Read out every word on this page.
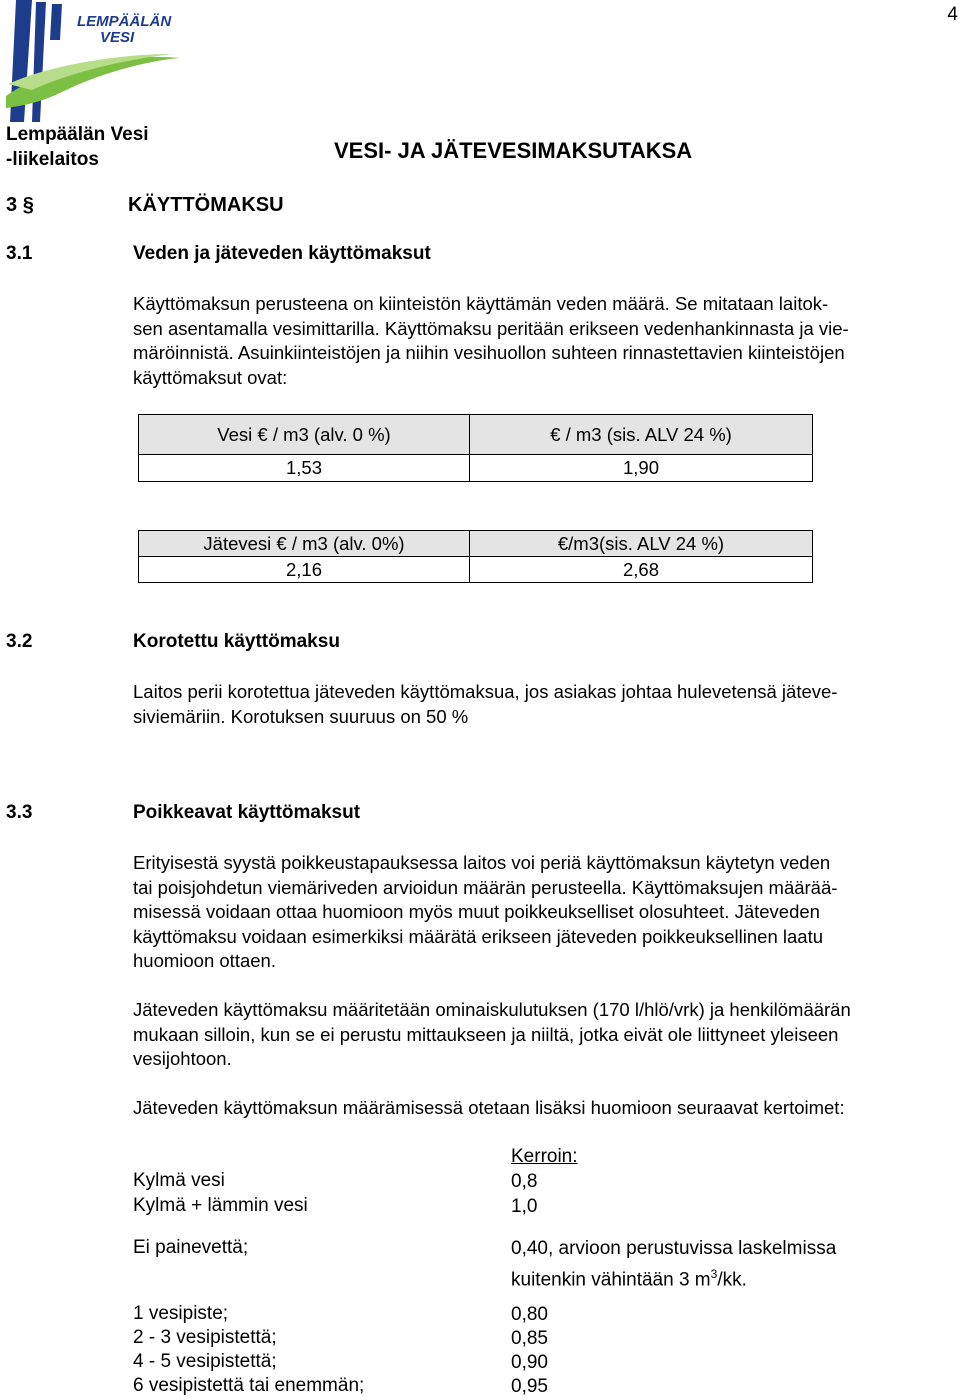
4
LEMPÄÄLÄN
VESI
Lempäälän Vesi
-liikelaitos	VESI- JA JÄTEVESIMAKSUTAKSA
3 §	KÄYTTÖMAKSU
3.1	Veden ja jäteveden käyttömaksut
Käyttömaksun perusteena on kiinteistön käyttämän veden määrä. Se mitataan laitok-
sen asentamalla vesimittarilla. Käyttömaksu peritään erikseen vedenhankinnasta ja vie-
märöinnistä. Asuinkiinteistöjen ja niihin vesihuollon suhteen rinnastettavien kiinteistöjen
käyttömaksut ovat:
Vesi € / m3 (alv. 0 %)	€ / m3 (sis. ALV 24 %)
1,53	1,90
Jätevesi € / m3 (alv. 0%)	€/m3(sis. ALV 24 %)
2,16	2,68
3.2	Korotettu käyttömaksu
Laitos perii korotettua jäteveden käyttömaksua, jos asiakas johtaa hulevetensä jäteve-
siviemäriin. Korotuksen suuruus on 50 %
3.3	Poikkeavat käyttömaksut
Erityisestä syystä poikkeustapauksessa laitos voi periä käyttömaksun käytetyn veden
tai poisjohdetun viemäriveden arvioidun määrän perusteella. Käyttömaksujen määrää-
misessä voidaan ottaa huomioon myös muut poikkeukselliset olosuhteet. Jäteveden
käyttömaksu voidaan esimerkiksi määrätä erikseen jäteveden poikkeuksellinen laatu
huomioon ottaen.
Jäteveden käyttömaksu määritetään ominaiskulutuksen (170 l/hlö/vrk) ja henkilömäärän
mukaan silloin, kun se ei perustu mittaukseen ja niiltä, jotka eivät ole liittyneet yleiseen
vesijohtoon.
Jäteveden käyttömaksun määrämisessä otetaan lisäksi huomioon seuraavat kertoimet:
Kerroin:
Kylmä vesi	0,8
Kylmä + lämmin vesi	1,0
Ei painevettä;	0,40, arvioon perustuvissa laskelmissa
kuitenkin vähintään 3 $m^3/kk$.
1 vesipiste;	0,80
2 - 3 vesipistettä;	0,85
4 - 5 vesipistettä;	0,90
6 vesipistettä tai enemmän;	0,95
